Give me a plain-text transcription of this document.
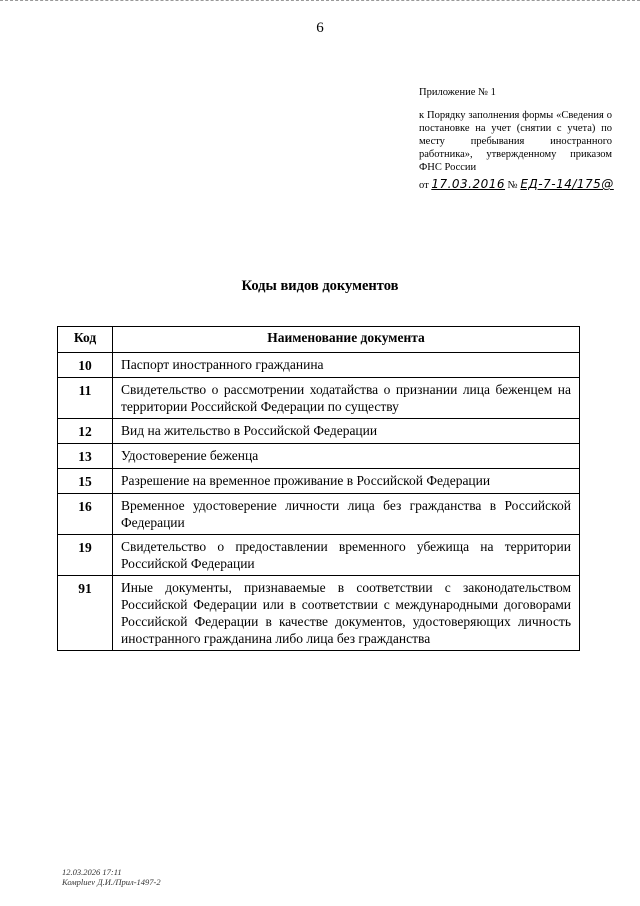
6
Приложение № 1
к Порядку заполнения формы «Сведения о постановке на учет (снятии с учета) по месту пребывания иностранного работника», утвержденному приказом ФНС России
от 17.03.2016 № ЕД-7-14/175@
Коды видов документов
Код	Наименование документа
10	Паспорт иностранного гражданина
11	Свидетельство о рассмотрении ходатайства о признании лица беженцем на территории Российской Федерации по существу
12	Вид на жительство в Российской Федерации
13	Удостоверение беженца
15	Разрешение на временное проживание в Российской Федерации
16	Временное удостоверение личности лица без гражданства в Российской Федерации
19	Свидетельство о предоставлении временного убежища на территории Российской Федерации
91	Иные документы, признаваемые в соответствии с законодательством Российской Федерации или в соответствии с международными договорами Российской Федерации в качестве документов, удостоверяющих личность иностранного гражданина либо лица без гражданства
12.03.2026 17:11
Комрlиеv Д.И./Прил-1497-2
